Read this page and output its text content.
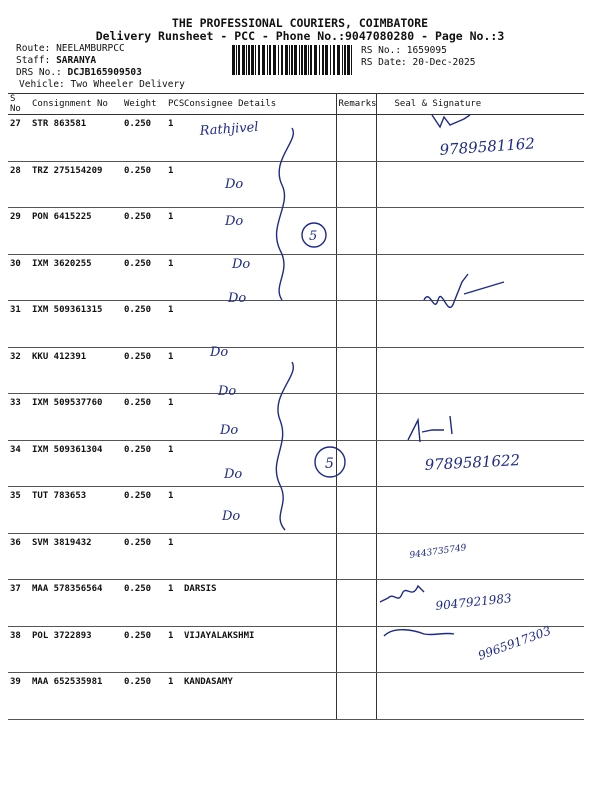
THE PROFESSIONAL COURIERS, COIMBATORE
Delivery Runsheet - PCC - Phone No.:9047080280 - Page No.:3
Route: NEELAMBURPCC
Staff: SARANYA
DRS No.: DCJB165909503
Vehicle: Two Wheeler Delivery
RS No.: 1659095
RS Date: 20-Dec-2025
S No	Consignment No	Weight	PCS	Consignee Details	Remarks	Seal & Signature
27	STR 863581	0.250	1			
28	TRZ 275154209	0.250	1			
29	PON 6415225	0.250	1			
30	IXM 3620255	0.250	1			
31	IXM 509361315	0.250	1			
32	KKU 412391	0.250	1			
33	IXM 509537760	0.250	1			
34	IXM 509361304	0.250	1			
35	TUT 783653	0.250	1			
36	SVM 3819432	0.250	1			
37	MAA 578356564	0.250	1	DARSIS		
38	POL 3722893	0.250	1	VIJAYALAKSHMI		
39	MAA 652535981	0.250	1	KANDASAMY		
Rathjivel
9789581162
Do
Do
Do
Do
5
Do
Do
Do
Do
Do
5	9789581622
9443735749
9047921983
9965917303
